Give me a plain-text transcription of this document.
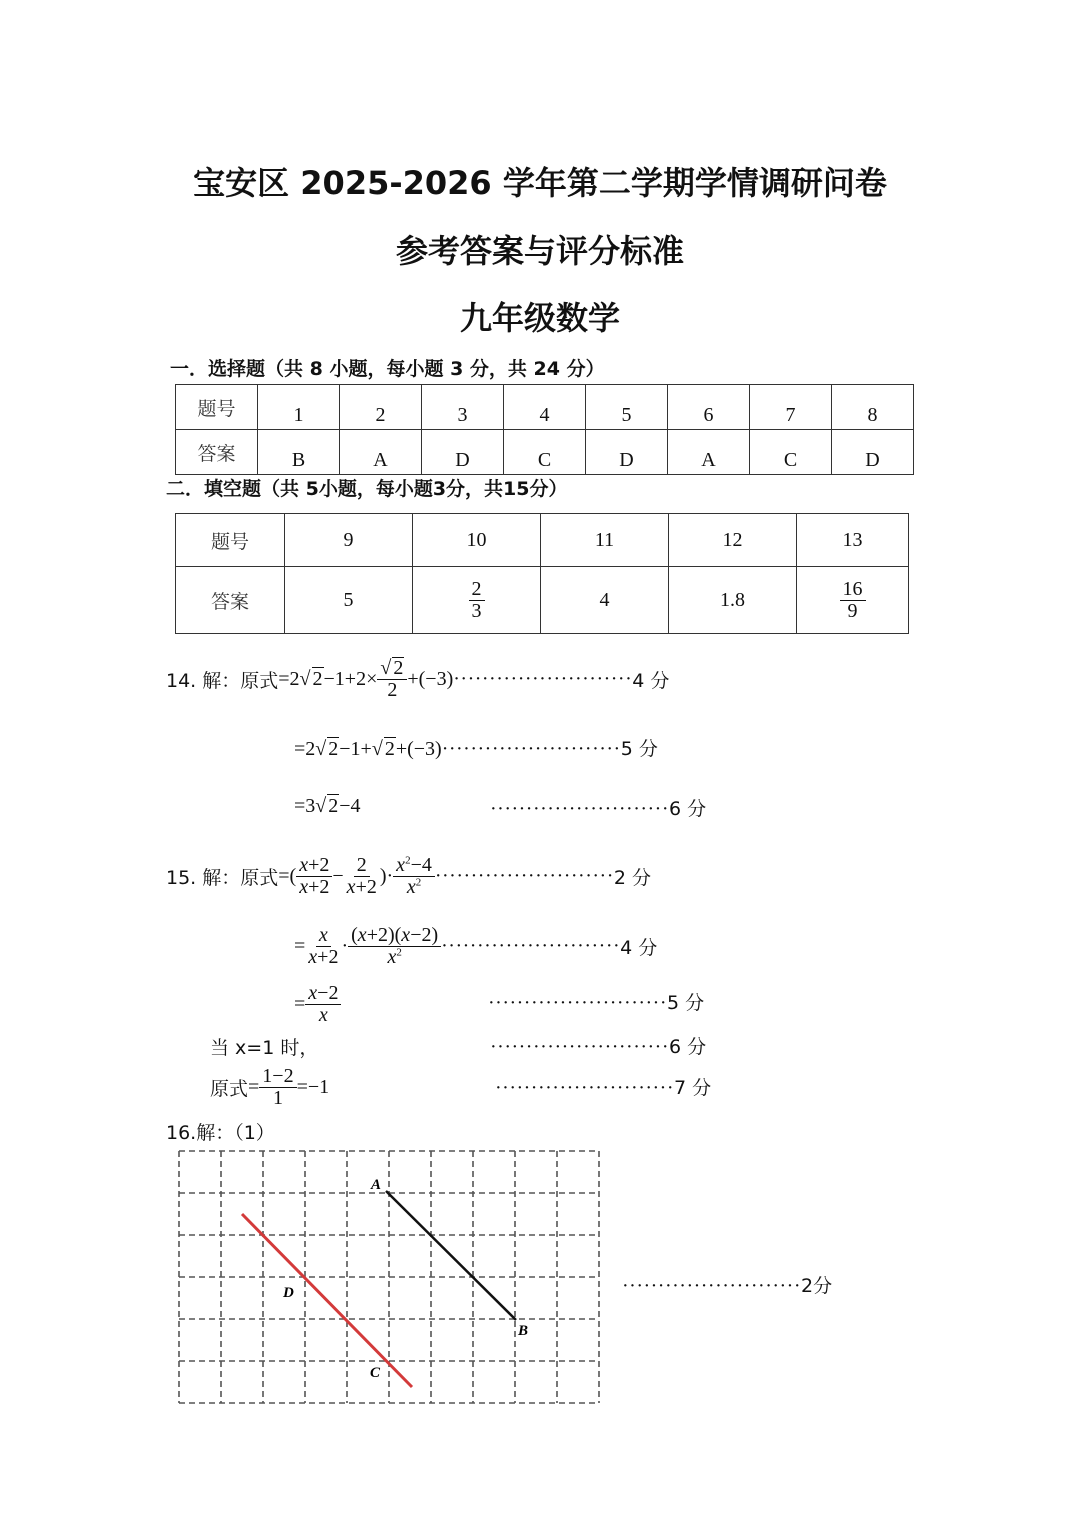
宝安区 2025-2026 学年第二学期学情调研问卷
参考答案与评分标准
九年级数学
一．选择题（共 8 小题，每小题 3 分，共 24 分）
题号	1	2	3	4	5	6	7	8
答案	B	A	D	C	D	A	C	D
二．填空题（共 5小题，每小题3分，共15分）
题号	9	10	11	12	13
答案	5	$\frac{2}{3}$	4	1.8	$\frac{16}{9}$
14. 解：原式 =2√ $2-1+2\times \frac{√ 2}{2} +(-3)$ ························· 4 分
=2√ 2−1+√ 2+(−3)·························5 分
=3√ 2−4	·························6 分
15. 解：原式 =( $\frac{x+2}{x+2} - \frac{2}{x+2}$ )· $\frac{x^2-4}{x^2}$ ························· 2 分
= $\frac{x}{x+2} \cdot \frac{(x+2)(x-2)}{x^2}$ ························· 4 分
= $\frac{x-2}{x}$	·························5 分
当 x=1 时，	·························6 分
原式 = $\frac{1-2}{1} =-1$	·························7 分
16.解：（1）
A
B
C
D	·························2分
